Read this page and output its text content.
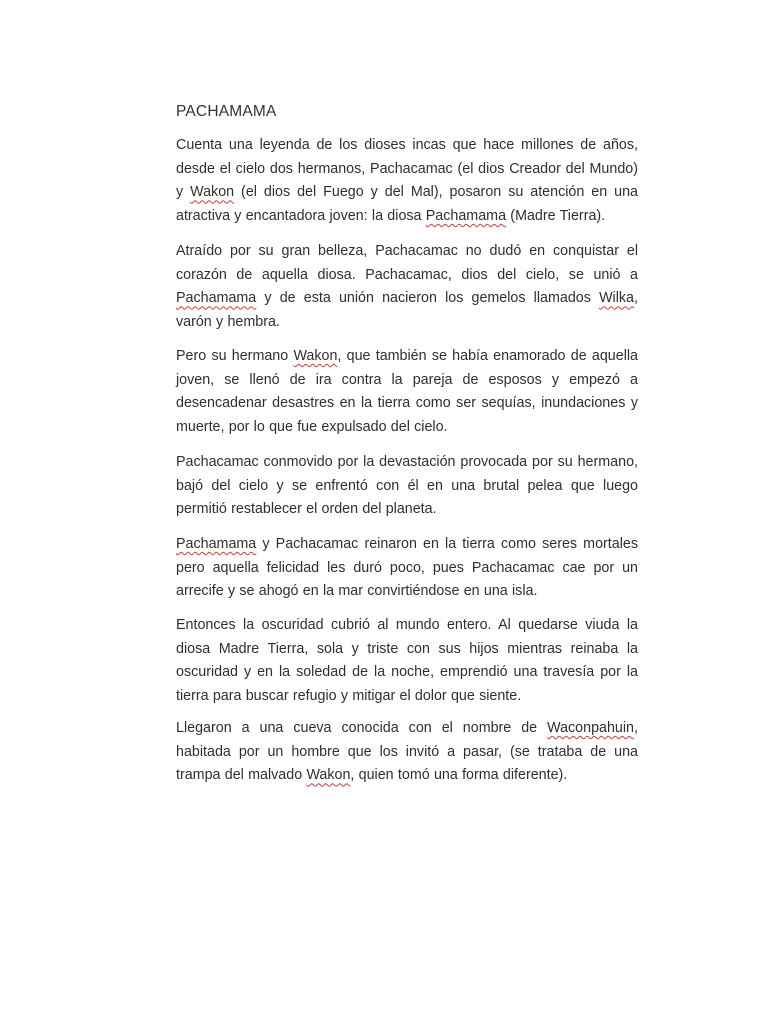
PACHAMAMA

Cuenta una leyenda de los dioses incas que hace millones de años, desde el cielo dos hermanos, Pachacamac (el dios Creador del Mundo) y Wakon (el dios del Fuego y del Mal), posaron su atención en una atractiva y encantadora joven: la diosa Pachamama (Madre Tierra).

Atraído por su gran belleza, Pachacamac no dudó en conquistar el corazón de aquella diosa. Pachacamac, dios del cielo, se unió a Pachamama y de esta unión nacieron los gemelos llamados Wilka, varón y hembra.

Pero su hermano Wakon, que también se había enamorado de aquella joven, se llenó de ira contra la pareja de esposos y empezó a desencadenar desastres en la tierra como ser sequías, inundaciones y muerte, por lo que fue expulsado del cielo.

Pachacamac conmovido por la devastación provocada por su hermano, bajó del cielo y se enfrentó con él en una brutal pelea que luego permitió restablecer el orden del planeta.

Pachamama y Pachacamac reinaron en la tierra como seres mortales pero aquella felicidad les duró poco, pues Pachacamac cae por un arrecife y se ahogó en la mar convirtiéndose en una isla.

Entonces la oscuridad cubrió al mundo entero. Al quedarse viuda la diosa Madre Tierra, sola y triste con sus hijos mientras reinaba la oscuridad y en la soledad de la noche, emprendió una travesía por la tierra para buscar refugio y mitigar el dolor que siente.

Llegaron a una cueva conocida con el nombre de Waconpahuin, habitada por un hombre que los invitó a pasar, (se trataba de una trampa del malvado Wakon, quien tomó una forma diferente).
